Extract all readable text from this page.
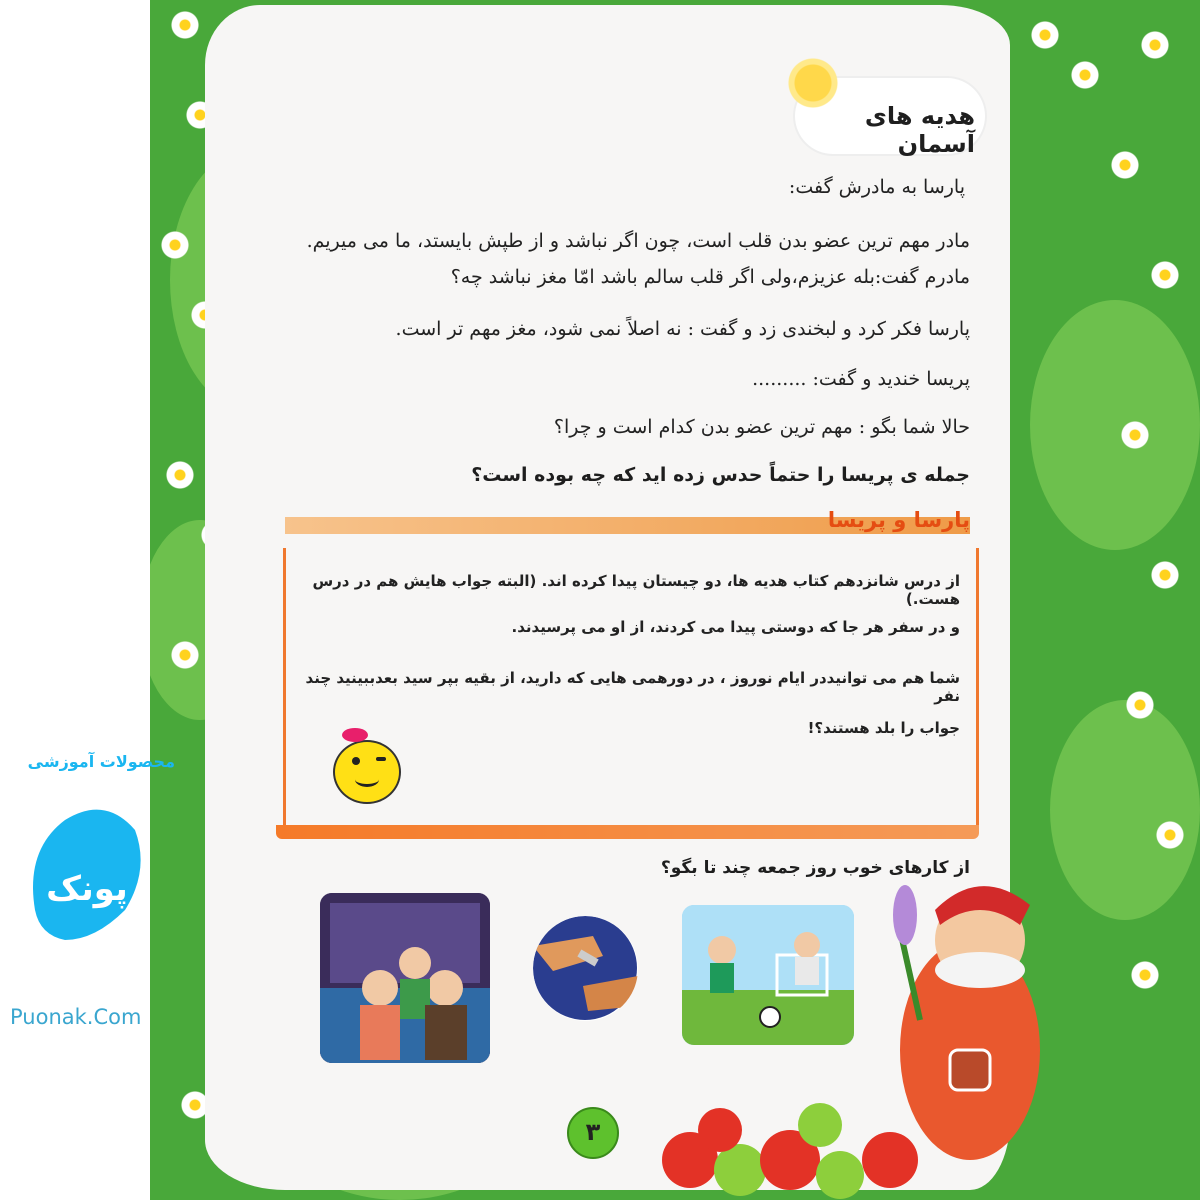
هدیه های آسمان
پارسا به مادرش گفت:
مادر مهم ترین عضو بدن قلب است، چون اگر نباشد و از طپش بایستد، ما می میریم.
مادرم گفت:بله عزیزم،ولی اگر قلب سالم باشد امّا مغز نباشد چه؟
پارسا فکر کرد و لبخندی زد و گفت : نه اصلاً نمی شود، مغز مهم تر است.
پریسا خندید و گفت: .........
حالا شما بگو : مهم ترین عضو بدن کدام است و چرا؟
جمله ی پریسا را حتماً حدس زده اید که چه بوده است؟
پارسا و پریسا
از درس شانزدهم کتاب هدیه ها، دو چیستان پیدا کرده اند. (البته جواب هایش هم در درس هست.)
و در سفر هر جا که دوستی پیدا می کردند، از او می پرسیدند.
شما هم می توانیددر ایام نوروز ، در دورهمی هایی که دارید، از بقیه بپر سید بعدببینید چند نفر
جواب را بلد هستند؟!
از کارهای خوب روز جمعه چند تا بگو؟
۳
محصولات آموزشی
پونک
Puonak.Com
